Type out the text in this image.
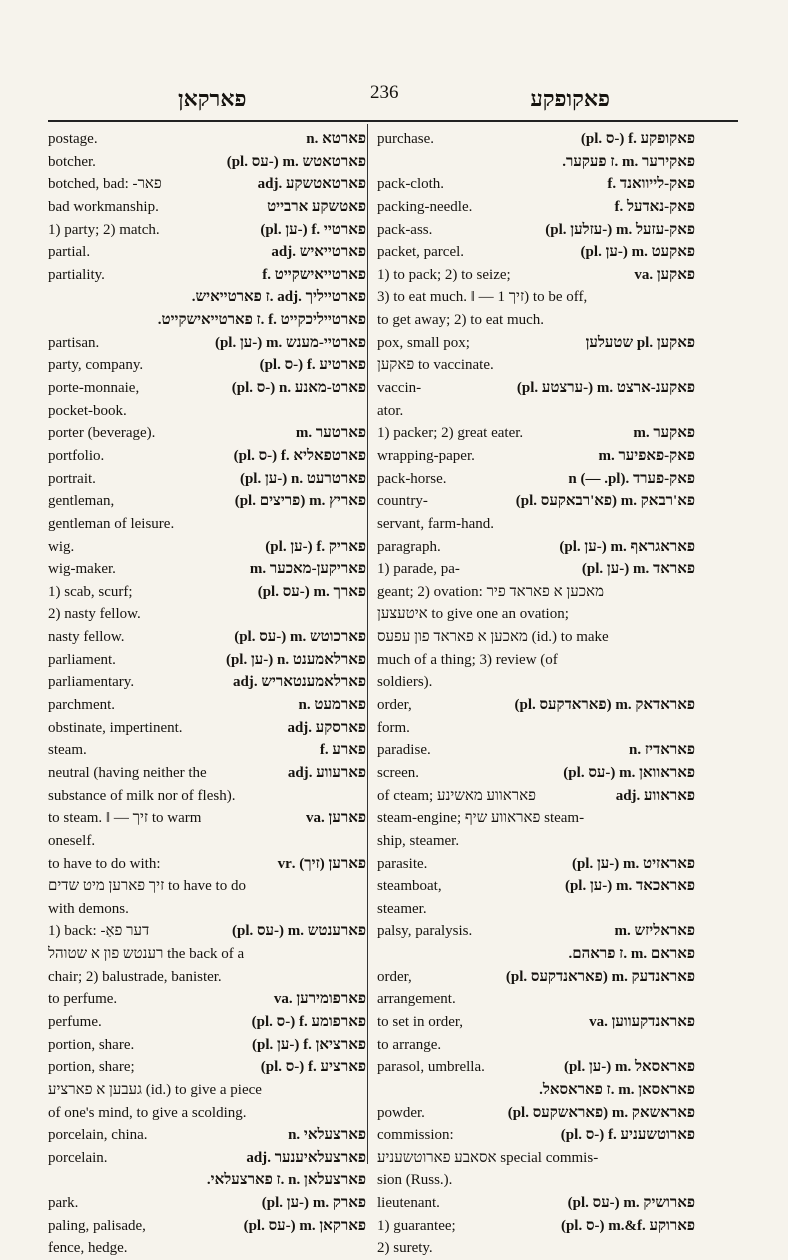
פארקאן	236	פאקופקע
postage.	פארטא .n
botcher.	פארטאטש .m (‑עס .pl)
botched, bad: ‑פאר	פארטאטשקע .adj
bad workmanship.	פאטשקע ארבייט
1) party; 2) match.	פארטיי .f (‑ען .pl)
partial.	פארטייאיש .adj
partiality.	פארטייאישקייט .f
פארטייליך .adj .ז פארטייאיש.
פארטייליכקייט .f .ז פארטייאישקייט.
partisan.	פארטיי‑מענש .m (‑ען .pl)
party, company.	פארטיע .f (‑ס .pl)
porte-monnaie,	פארט‑מאנע .n (‑ס .pl)
pocket-book.
porter (beverage).	פארטער .m
portfolio.	פארטפאליא .f (‑ס .pl)
portrait.	פארטרעט .n (‑ען .pl)
gentleman,	פאריץ .m (פריצים .pl)
gentleman of leisure.
wig.	פאריק .f (‑ען .pl)
wig-maker.	פאריקען‑מאכער .m
1) scab, scurf;	פארך .m (‑עס .pl)
2) nasty fellow.
nasty fellow.	פארכוטש .m (‑עס .pl)
parliament.	פארלאמענט .n (‑ען .pl)
parliamentary.	פארלאמענטאריש .adj
parchment.	פארמעט .n
obstinate, impertinent.	פארסקע .adj
steam.	פארע .f
neutral (having neither the	פארעווע .adj
substance of milk nor of flesh).
to steam. ‖ — זיך to warm	פארען .va
oneself.
to have to do with:	פארען (זיך) .vr
זיך פארען מיט שדים to have to do
with demons.
1) back: ‑דער פאַ	פארענטש .m (‑עס .pl)
רענטש פון א שטוהל the back of a
chair; 2) balustrade, banister.
to perfume.	פארפומירען .va
perfume.	פארפומע .f (‑ס .pl)
portion, share.	פארציאן .f (‑ען .pl)
portion, share;	פארציע .f (‑ס .pl)
געבען א פארציע (id.) to give a piece
of one's mind, to give a scolding.
porcelain, china.	פארצעלאי .n
porcelain.	פארצעלאיענער .adj
פארצעלאן .n .ז פארצעלאי.
park.	פארק .m (‑ען .pl)
paling, palisade,	פארקאן .m (‑עס .pl)
fence, hedge.
purchase.	פאקופקע .f (‑ס .pl)
פאקירער .m .ז פעקער.
pack-cloth.	פאק‑לייוואנד .f
packing-needle.	פאק‑נאדעל .f
pack-ass.	פאק‑עזעל .m (‑עזלען .pl)
packet, parcel.	פאקעט .m (‑ען .pl)
1) to pack; 2) to seize;	פאקען .va
3) to eat much. ‖ — זיך 1) to be off,
to get away; 2) to eat much.
pox, small pox;	פאקען .pl שטעלען
פאקען to vaccinate.
vaccin-	פאקענ‑ארצט .m (‑ערצטע .pl)
ator.
1) packer; 2) great eater.	פאקער .m
wrapping-paper.	פאק‑פאפיער .m
pack-horse.	פאק‑פערד .n (— .pl)
country-	פא'רבאק .m (פא'רבאקעס .pl)
servant, farm-hand.
paragraph.	פאראגראף .m (‑ען .pl)
1) parade, pa-	פאראד .m (‑ען .pl)
geant; 2) ovation: מאכען א פאראד פיר
איטעצען to give one an ovation;
מאכען א פאראד פון עפעס (id.) to make
much of a thing; 3) review (of
soldiers).
order,	פאראדאק .m (פאראדקעס .pl)
form.
paradise.	פאראדיז .n
screen.	פאראוואן .m (‑עס .pl)
of cteam; פאראווע מאשינע	פאראווע .adj
steam-engine; פאראווע שיף steam-
ship, steamer.
parasite.	פאראזיט .m (‑ען .pl)
steamboat,	פאראכאד .m (‑ען .pl)
steamer.
palsy, paralysis.	פאראליזש .m
פאראם .m .ז פראהם.
order,	פאראנדעק .m (פאראנדקעס .pl)
arrangement.
to set in order,	פאראנדקעווען .va
to arrange.
parasol, umbrella.	פאראסאל .m (‑ען .pl)
פאראסאן .m .ז פאראסאל.
powder.	פאראשאק .m (פאראשקעס .pl)
commission:	פארוטשעניע .f (‑ס .pl)
אסאבע פארוטשעניע special commis-
sion (Russ.).
lieutenant.	פארושיק .m (‑עס .pl)
1) guarantee;	פארוקע .m.&f (‑ס .pl)
2) surety.
